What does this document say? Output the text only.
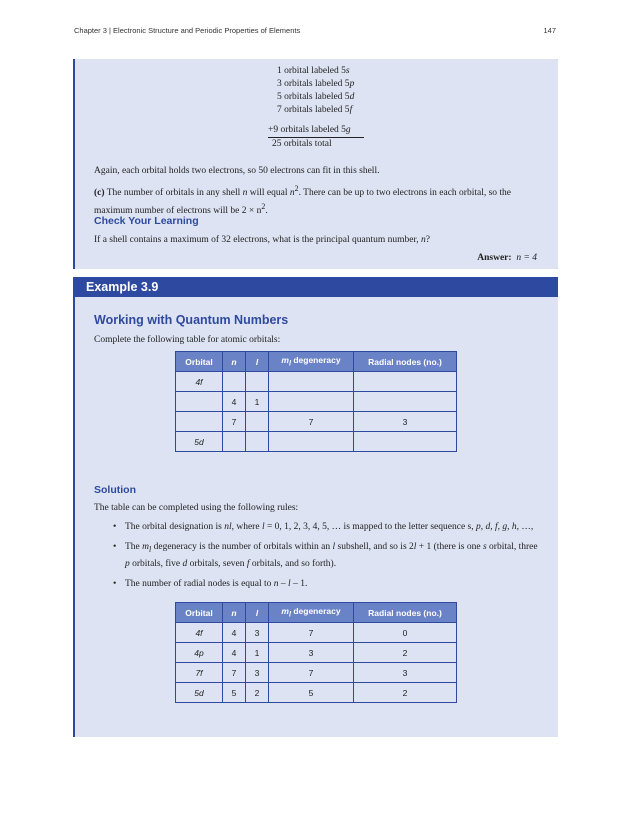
Chapter 3 | Electronic Structure and Periodic Properties of Elements	147
1 orbital labeled 5s
3 orbitals labeled 5p
5 orbitals labeled 5d
7 orbitals labeled 5f
+9 orbitals labeled 5g
25 orbitals total

Again, each orbital holds two electrons, so 50 electrons can fit in this shell.

(c) The number of orbitals in any shell n will equal $n^2$. There can be up to two electrons in each orbital, so the maximum number of electrons will be $2 \times n^2$.

Check Your Learning

If a shell contains a maximum of 32 electrons, what is the principal quantum number, n?

Answer: n = 4

Example 3.9
Working with Quantum Numbers

Complete the following table for atomic orbitals:

Orbital	n	l	$m_l$ degeneracy	Radial nodes (no.)
4f				
	4	1		
	7		7	3
5d				
Solution

The table can be completed using the following rules:

• The orbital designation is nl, where l = 0, 1, 2, 3, 4, 5, … is mapped to the letter sequence s, p, d, f, g, h, …,
• The $m_l$ degeneracy is the number of orbitals within an l subshell, and so is 2l + 1 (there is one s orbital, three p orbitals, five d orbitals, seven f orbitals, and so forth).
• The number of radial nodes is equal to n – l – 1.
Orbital	n	l	$m_l$ degeneracy	Radial nodes (no.)
4f	4	3	7	0
4p	4	1	3	2
7f	7	3	7	3
5d	5	2	5	2
